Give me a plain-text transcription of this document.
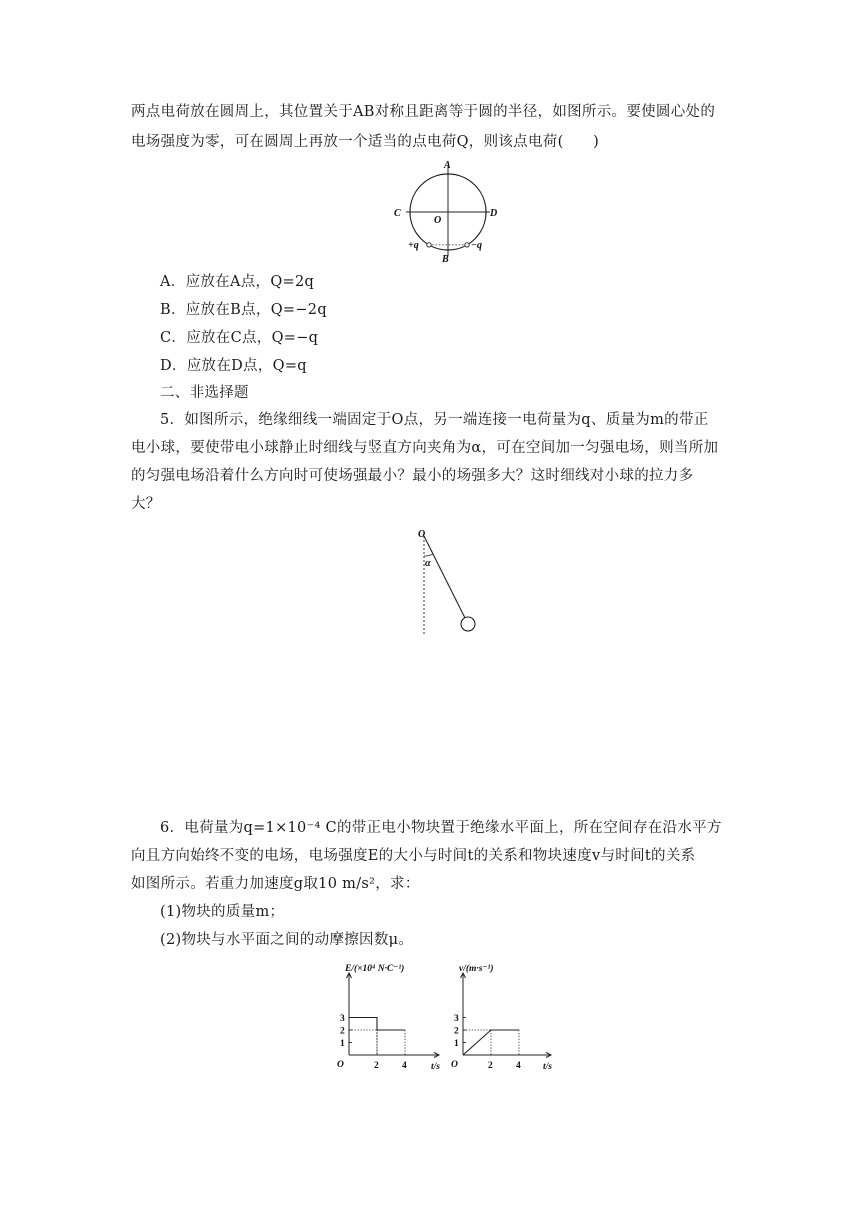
两点电荷放在圆周上，其位置关于AB对称且距离等于圆的半径，如图所示。要使圆心处的
电场强度为零，可在圆周上再放一个适当的点电荷Q，则该点电荷(　　)
A
B
C	D
O
+q	−q
A．应放在A点，Q=2q
B．应放在B点，Q=−2q
C．应放在C点，Q=−q
D．应放在D点，Q=q
二、非选择题
5．如图所示，绝缘细线一端固定于O点，另一端连接一电荷量为q、质量为m的带正
电小球，要使带电小球静止时细线与竖直方向夹角为α，可在空间加一匀强电场，则当所加
的匀强电场沿着什么方向时可使场强最小？最小的场强多大？这时细线对小球的拉力多
大？
O
α
6．电荷量为q=1×10⁻⁴ C的带正电小物块置于绝缘水平面上，所在空间存在沿水平方
向且方向始终不变的电场，电场强度E的大小与时间t的关系和物块速度v与时间t的关系
如图所示。若重力加速度g取10 m/s²，求：
(1)物块的质量m；
(2)物块与水平面之间的动摩擦因数μ。
E/(×10⁴ N·C⁻¹)
t/s
O
1
2
3
2 4
v/(m·s⁻¹)
t/s
O
1
2
3
2 4
